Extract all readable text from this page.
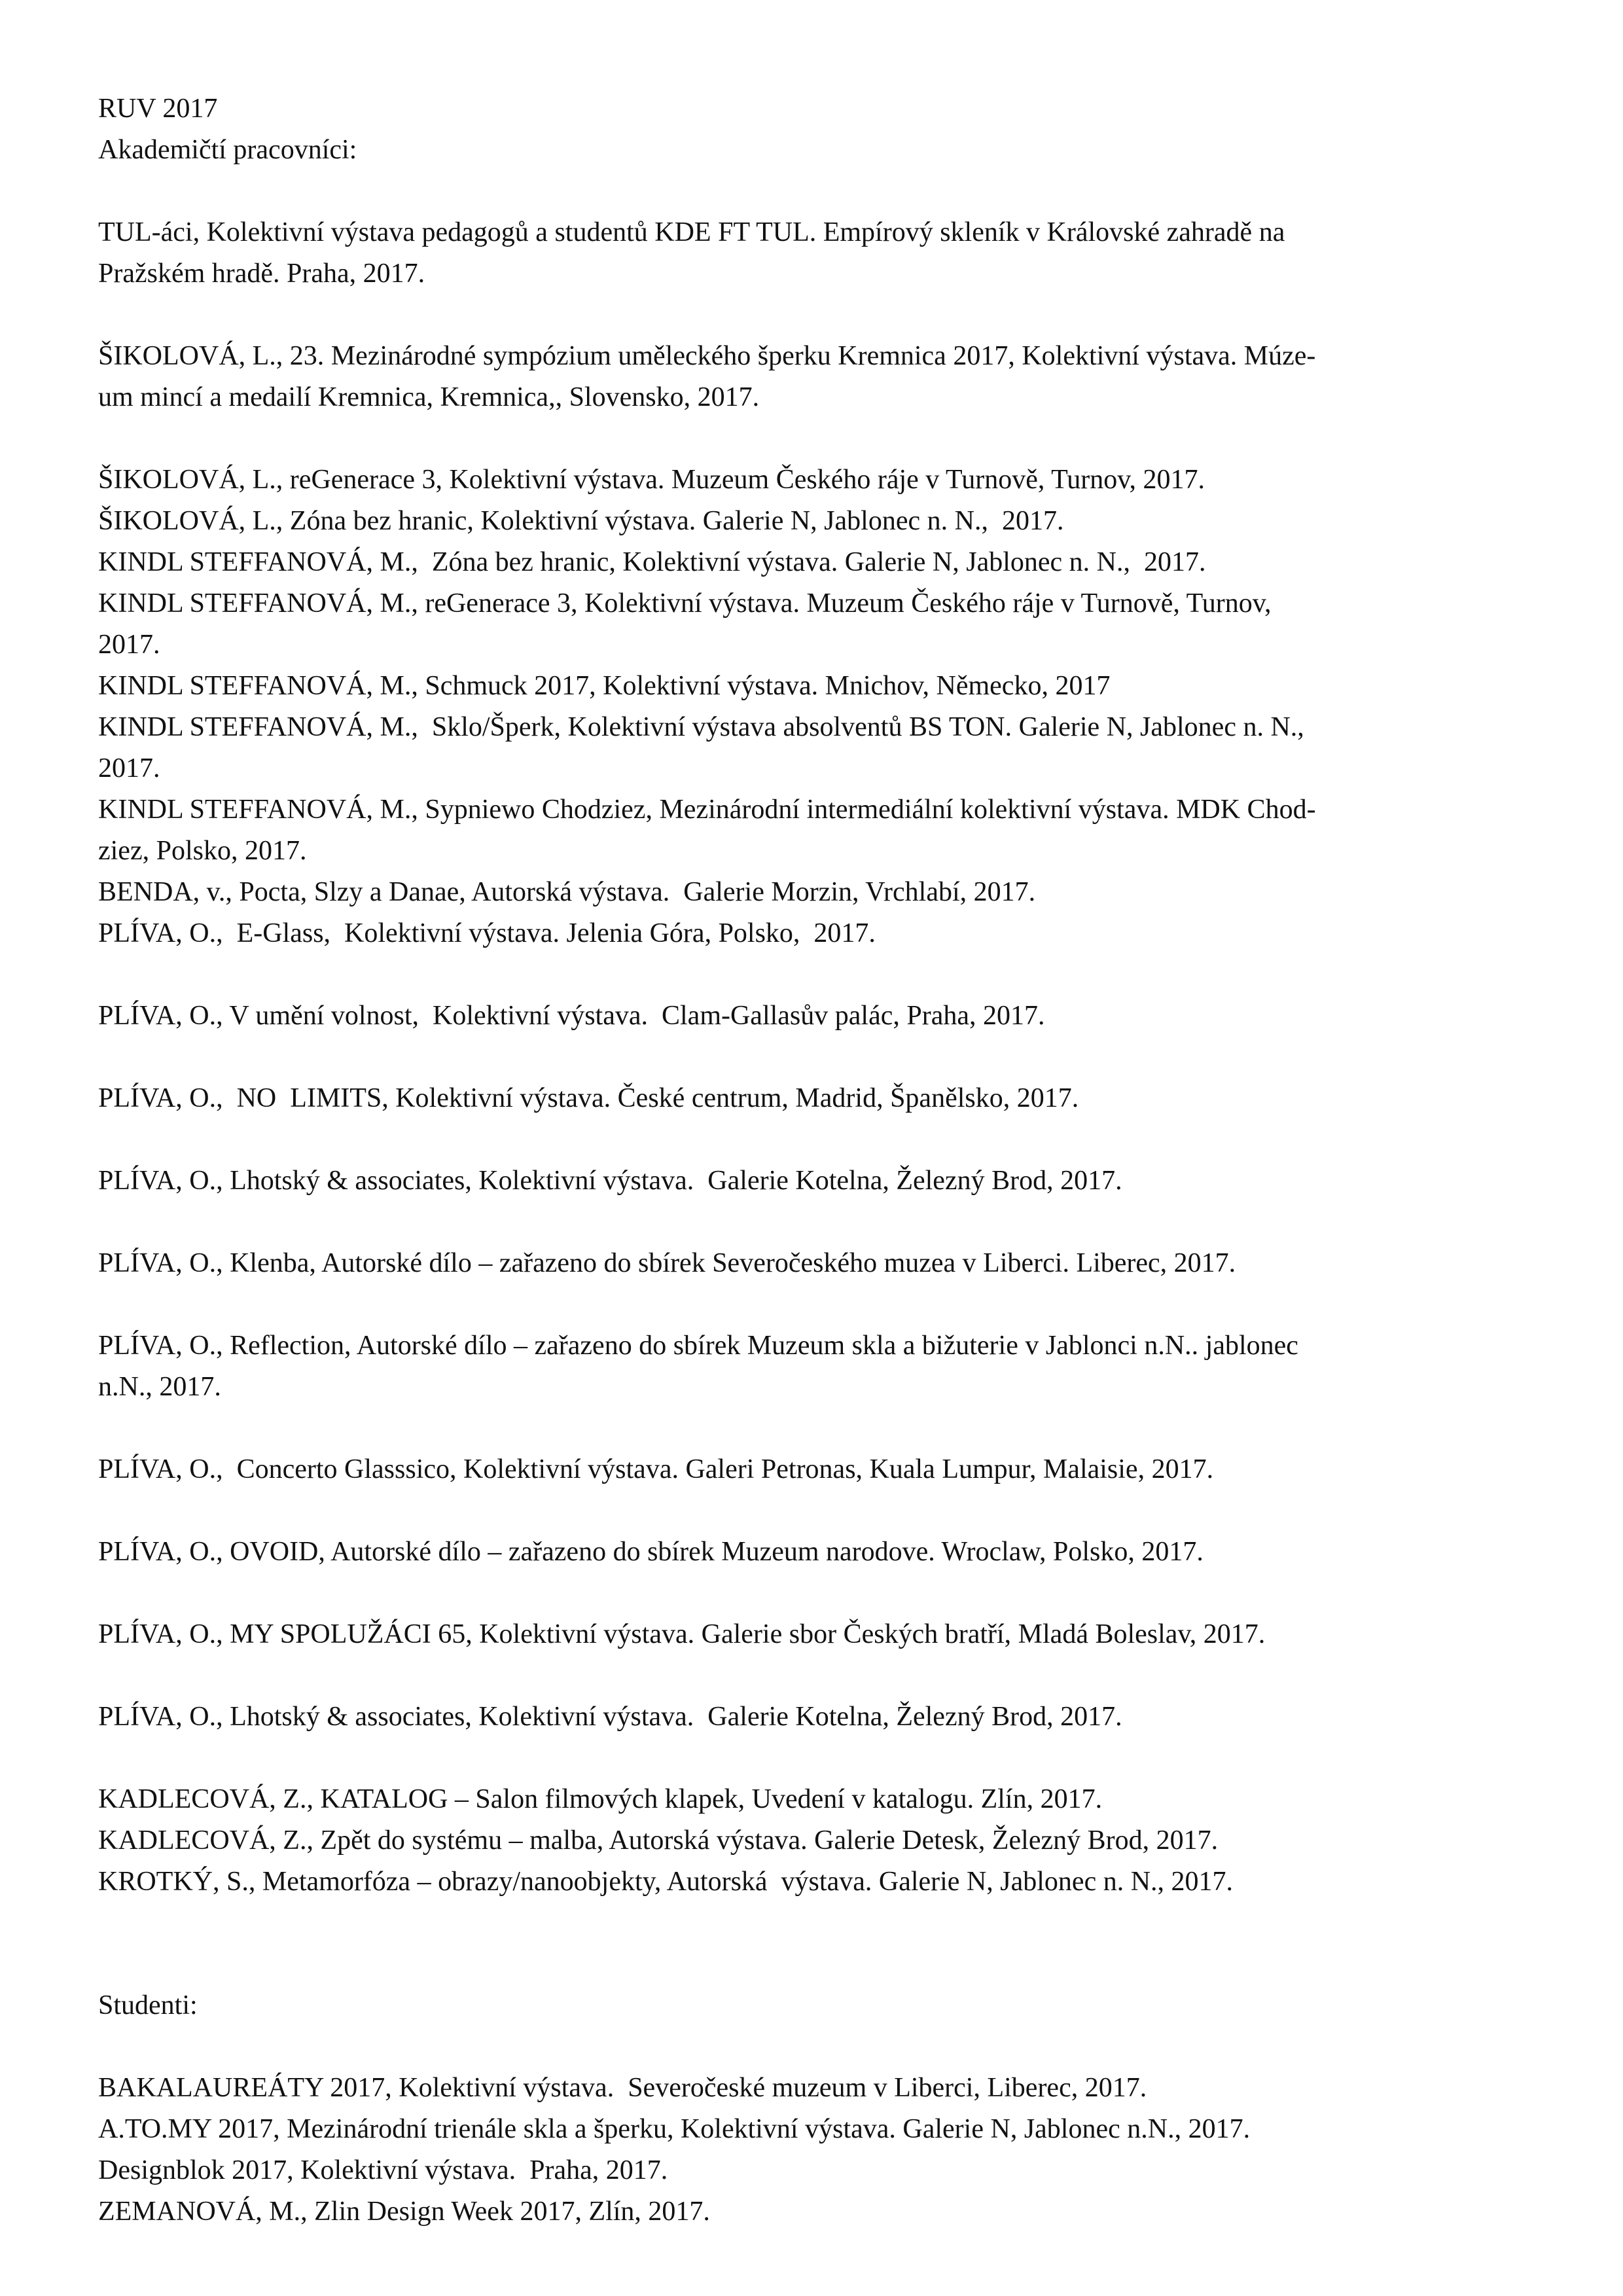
RUV 2017
Akademičtí pracovníci:
TUL-áci, Kolektivní výstava pedagogů a studentů KDE FT TUL. Empírový skleník v Královské zahradě na
Pražském hradě. Praha, 2017.
ŠIKOLOVÁ, L., 23. Mezinárodné sympózium uměleckého šperku Kremnica 2017, Kolektivní výstava. Múze-
um mincí a medailí Kremnica, Kremnica,, Slovensko, 2017.
ŠIKOLOVÁ, L., reGenerace 3, Kolektivní výstava. Muzeum Českého ráje v Turnově, Turnov, 2017.
ŠIKOLOVÁ, L., Zóna bez hranic, Kolektivní výstava. Galerie N, Jablonec n. N.,  2017.
KINDL STEFFANOVÁ, M.,  Zóna bez hranic, Kolektivní výstava. Galerie N, Jablonec n. N.,  2017.
KINDL STEFFANOVÁ, M., reGenerace 3, Kolektivní výstava. Muzeum Českého ráje v Turnově, Turnov,
2017.
KINDL STEFFANOVÁ, M., Schmuck 2017, Kolektivní výstava. Mnichov, Německo, 2017
KINDL STEFFANOVÁ, M.,  Sklo/Šperk, Kolektivní výstava absolventů BS TON. Galerie N, Jablonec n. N.,
2017.
KINDL STEFFANOVÁ, M., Sypniewo Chodziez, Mezinárodní intermediální kolektivní výstava. MDK Chod-
ziez, Polsko, 2017.
BENDA, v., Pocta, Slzy a Danae, Autorská výstava.  Galerie Morzin, Vrchlabí, 2017.
PLÍVA, O.,  E-Glass,  Kolektivní výstava. Jelenia Góra, Polsko,  2017.
PLÍVA, O., V umění volnost,  Kolektivní výstava.  Clam-Gallasův palác, Praha, 2017.
PLÍVA, O.,  NO  LIMITS, Kolektivní výstava. České centrum, Madrid, Španělsko, 2017.
PLÍVA, O., Lhotský & associates, Kolektivní výstava.  Galerie Kotelna, Železný Brod, 2017.
PLÍVA, O., Klenba, Autorské dílo – zařazeno do sbírek Severočeského muzea v Liberci. Liberec, 2017.
PLÍVA, O., Reflection, Autorské dílo – zařazeno do sbírek Muzeum skla a bižuterie v Jablonci n.N.. jablonec
n.N., 2017.
PLÍVA, O.,  Concerto Glasssico, Kolektivní výstava. Galeri Petronas, Kuala Lumpur, Malaisie, 2017.
PLÍVA, O., OVOID, Autorské dílo – zařazeno do sbírek Muzeum narodove. Wroclaw, Polsko, 2017.
PLÍVA, O., MY SPOLUŽÁCI 65, Kolektivní výstava. Galerie sbor Českých bratří, Mladá Boleslav, 2017.
PLÍVA, O., Lhotský & associates, Kolektivní výstava.  Galerie Kotelna, Železný Brod, 2017.
KADLECOVÁ, Z., KATALOG – Salon filmových klapek, Uvedení v katalogu. Zlín, 2017.
KADLECOVÁ, Z., Zpět do systému – malba, Autorská výstava. Galerie Detesk, Železný Brod, 2017.
KROTKÝ, S., Metamorfóza – obrazy/nanoobjekty, Autorská  výstava. Galerie N, Jablonec n. N., 2017.
Studenti:
BAKALAUREÁTY 2017, Kolektivní výstava.  Severočeské muzeum v Liberci, Liberec, 2017.
A.TO.MY 2017, Mezinárodní trienále skla a šperku, Kolektivní výstava. Galerie N, Jablonec n.N., 2017.
Designblok 2017, Kolektivní výstava.  Praha, 2017.
ZEMANOVÁ, M., Zlin Design Week 2017, Zlín, 2017.
